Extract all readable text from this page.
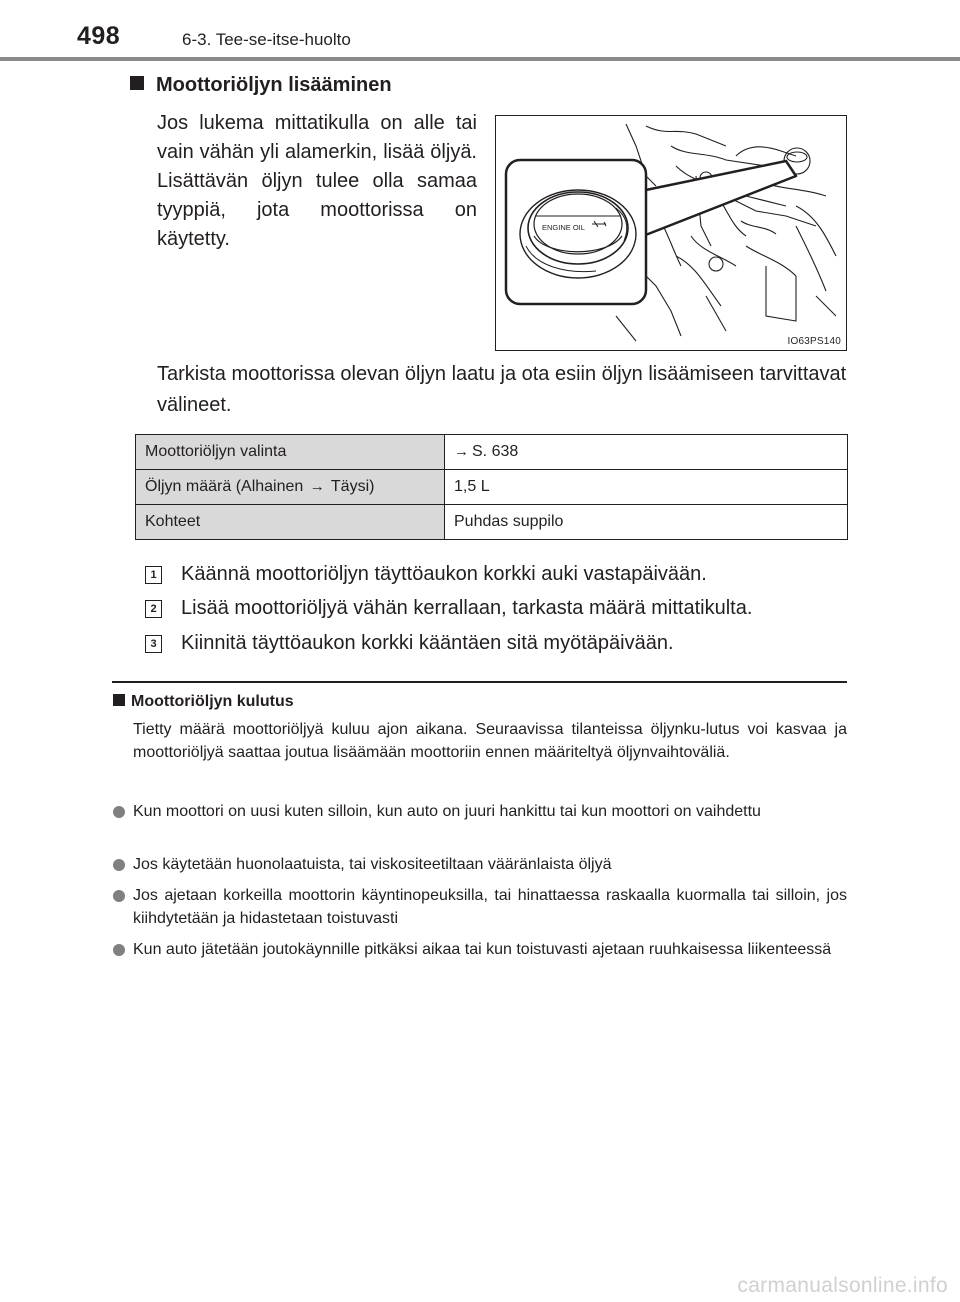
498	6-3. Tee-se-itse-huolto
Moottoriöljyn lisääminen
Jos lukema mittatikulla on alle tai vain vähän yli alamerkin, lisää öljyä. Lisättävän öljyn tulee olla samaa tyyppiä, jota moottorissa on käytetty.
ENGINE OIL
IO63PS140
Tarkista moottorissa olevan öljyn laatu ja ota esiin öljyn lisäämiseen tarvittavat välineet.
Moottoriöljyn valinta	→ S. 638
Öljyn määrä (Alhainen → Täysi)	1,5 L
Kohteet	Puhdas suppilo
1 Käännä moottoriöljyn täyttöaukon korkki auki vastapäivään.
2 Lisää moottoriöljyä vähän kerrallaan, tarkasta määrä mittatikulta.
3 Kiinnitä täyttöaukon korkki kääntäen sitä myötäpäivään.
Moottoriöljyn kulutus
Tietty määrä moottoriöljyä kuluu ajon aikana. Seuraavissa tilanteissa öljynku-lutus voi kasvaa ja moottoriöljyä saattaa joutua lisäämään moottoriin ennen määriteltyä öljynvaihtoväliä.
Kun moottori on uusi kuten silloin, kun auto on juuri hankittu tai kun moottori on vaihdettu
Jos käytetään huonolaatuista, tai viskositeetiltaan vääränlaista öljyä
Jos ajetaan korkeilla moottorin käyntinopeuksilla, tai hinattaessa raskaalla kuormalla tai silloin, jos kiihdytetään ja hidastetaan toistuvasti
Kun auto jätetään joutokäynnille pitkäksi aikaa tai kun toistuvasti ajetaan ruuhkaisessa liikenteessä
carmanualsonline.info
